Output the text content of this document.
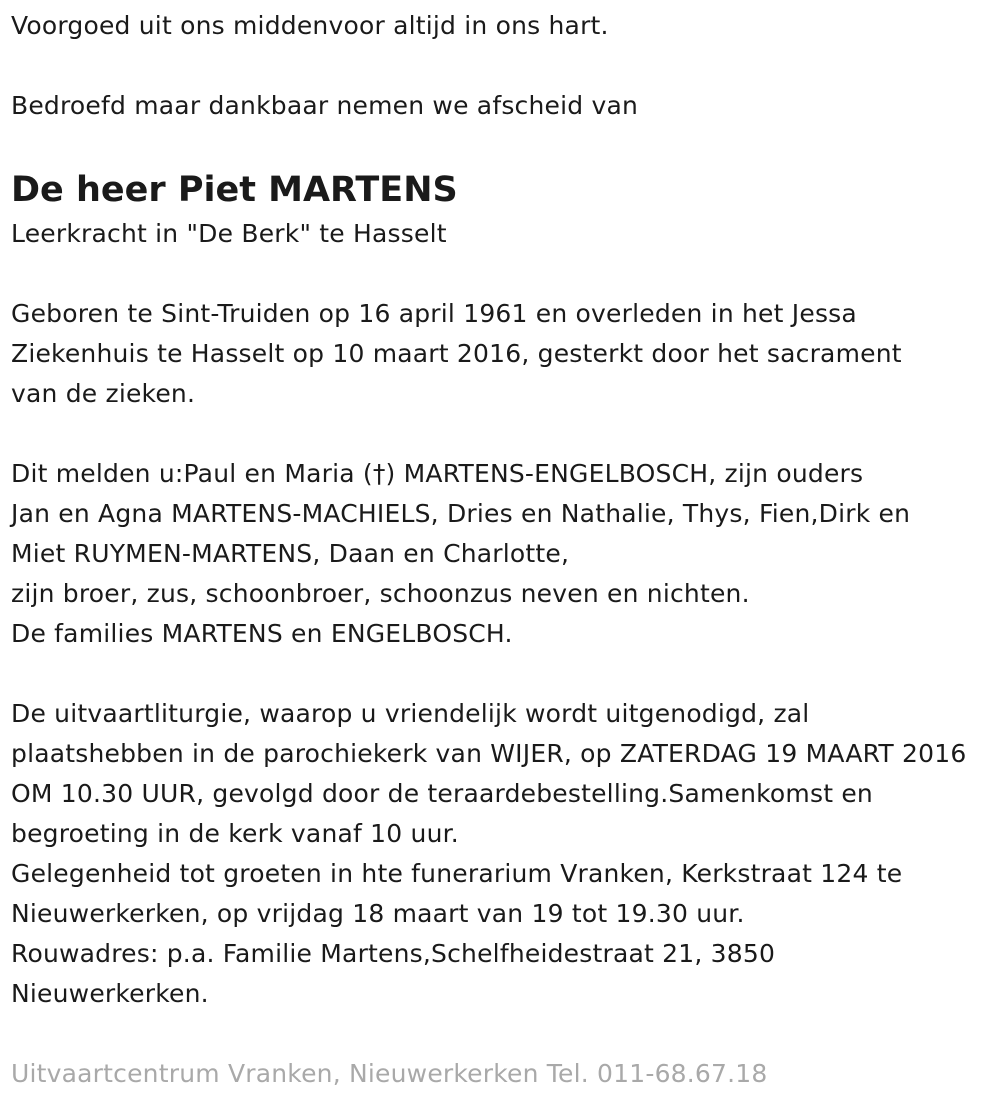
Voorgoed uit ons middenvoor altijd in ons hart.
Bedroefd maar dankbaar nemen we afscheid van
De heer Piet MARTENS
Leerkracht in "De Berk" te Hasselt
Geboren te Sint-Truiden op 16 april 1961 en overleden in het Jessa
Ziekenhuis te Hasselt op 10 maart 2016, gesterkt door het sacrament
van de zieken.
Dit melden u:Paul en Maria (†) MARTENS-ENGELBOSCH, zijn ouders
Jan en Agna MARTENS-MACHIELS, Dries en Nathalie, Thys, Fien,Dirk en
Miet RUYMEN-MARTENS, Daan en Charlotte,
zijn broer, zus, schoonbroer, schoonzus neven en nichten.
De families MARTENS en ENGELBOSCH.
De uitvaartliturgie, waarop u vriendelijk wordt uitgenodigd, zal
plaatshebben in de parochiekerk van WIJER, op ZATERDAG 19 MAART 2016
OM 10.30 UUR, gevolgd door de teraardebestelling.Samenkomst en
begroeting in de kerk vanaf 10 uur.
Gelegenheid tot groeten in hte funerarium Vranken, Kerkstraat 124 te
Nieuwerkerken, op vrijdag 18 maart van 19 tot 19.30 uur.
Rouwadres: p.a. Familie Martens,Schelfheidestraat 21, 3850
Nieuwerkerken.
Uitvaartcentrum Vranken, Nieuwerkerken Tel. 011-68.67.18
